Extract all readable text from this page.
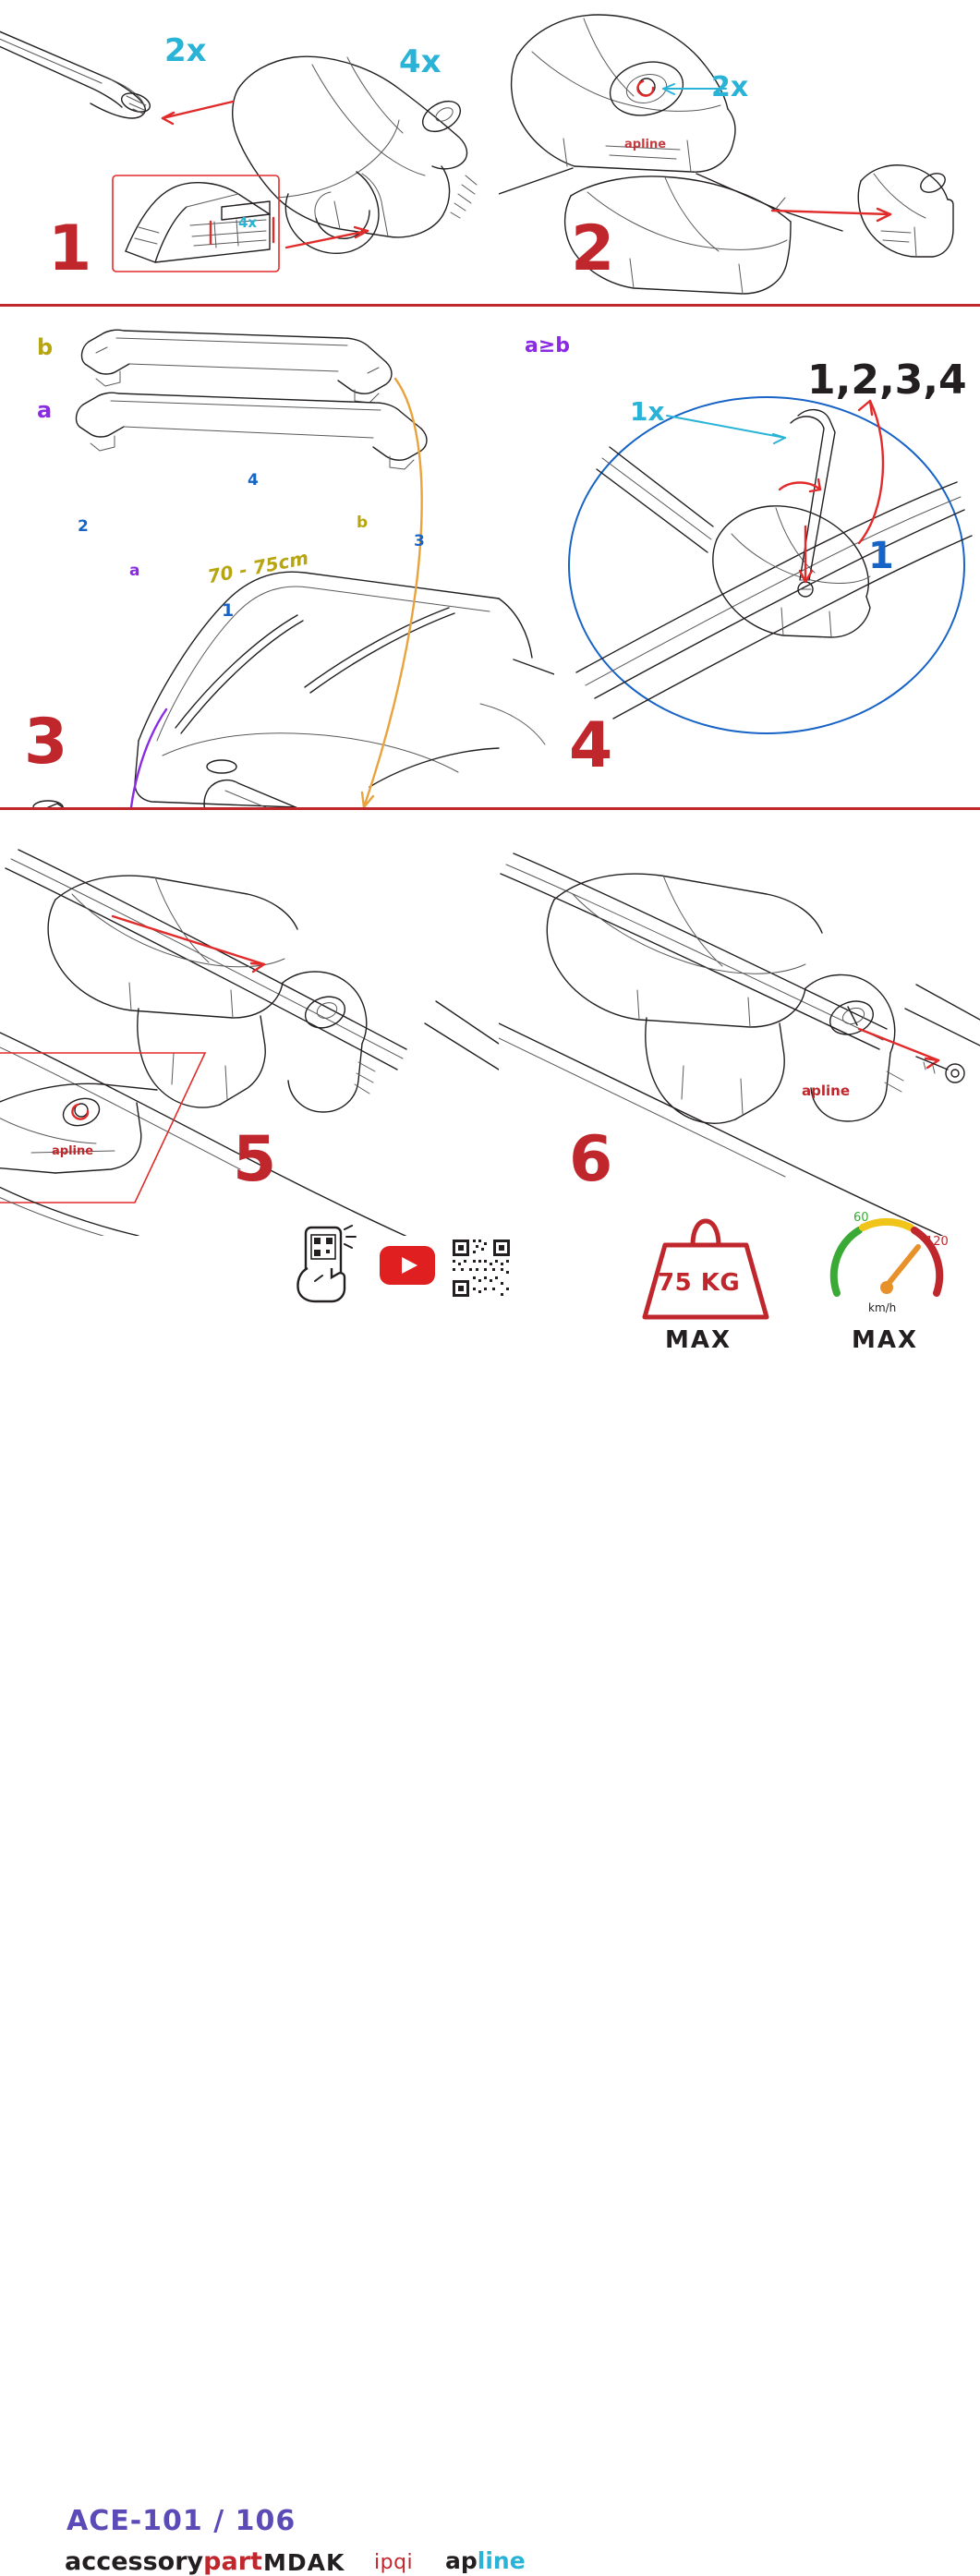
2x	4x
4x
1
apline
2x
2
b
a
a
b
70 - 75cm
2
4
3
1
3
a≥b
1x
1,2,3,4
1
4
apline 5
apline
6
ACE-101 / 106
accessorypart MDAK ipqi apline
75 KG
MAX
60
120
km/h
MAX
